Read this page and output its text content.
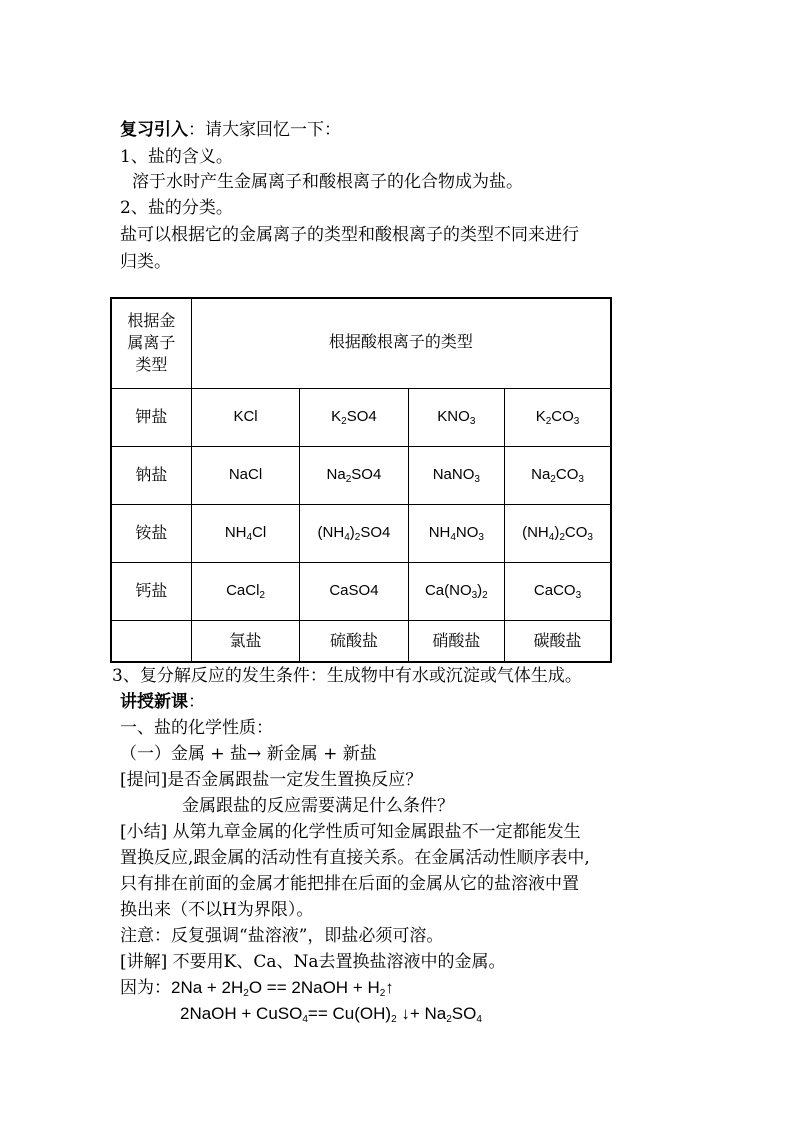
复习引入：请大家回忆一下：
1、盐的含义。
溶于水时产生金属离子和酸根离子的化合物成为盐。
2、盐的分类。
盐可以根据它的金属离子的类型和酸根离子的类型不同来进行
归类。
根据金
属离子
类型	根据酸根离子的类型			
钾盐	KCl	$K_2SO4$	$KNO_3$	$K_2CO_3$
钠盐	NaCl	$Na_2SO4$	NaNO$_3$	$Na_2CO_3$
铵盐	$NH_4Cl$	$(NH_4)_2SO4$	$NH_4NO_3$	$(NH_4)_2CO_3$
钙盐	CaCl$_2$	CaSO4	$Ca(NO_3)_2$	CaCO$_3$
	氯盐	硫酸盐	硝酸盐	碳酸盐
3、复分解反应的发生条件：生成物中有水或沉淀或气体生成。
讲授新课：
一、盐的化学性质：
（一）金属 + 盐→ 新金属 + 新盐
[提问]是否金属跟盐一定发生置换反应？
金属跟盐的反应需要满足什么条件？
[小结] 从第九章金属的化学性质可知金属跟盐不一定都能发生
置换反应,跟金属的活动性有直接关系。在金属活动性顺序表中,
只有排在前面的金属才能把排在后面的金属从它的盐溶液中置
换出来（不以H为界限）。
注意：反复强调“盐溶液”，即盐必须可溶。
[讲解] 不要用K、Ca、Na去置换盐溶液中的金属。
因为：$2Na + 2H_2O$ == 2NaOH + $H_2↑$
2NaOH + CuSO$_4$== $Cu(OH)_2$ ↓+ $Na_2SO_4$
